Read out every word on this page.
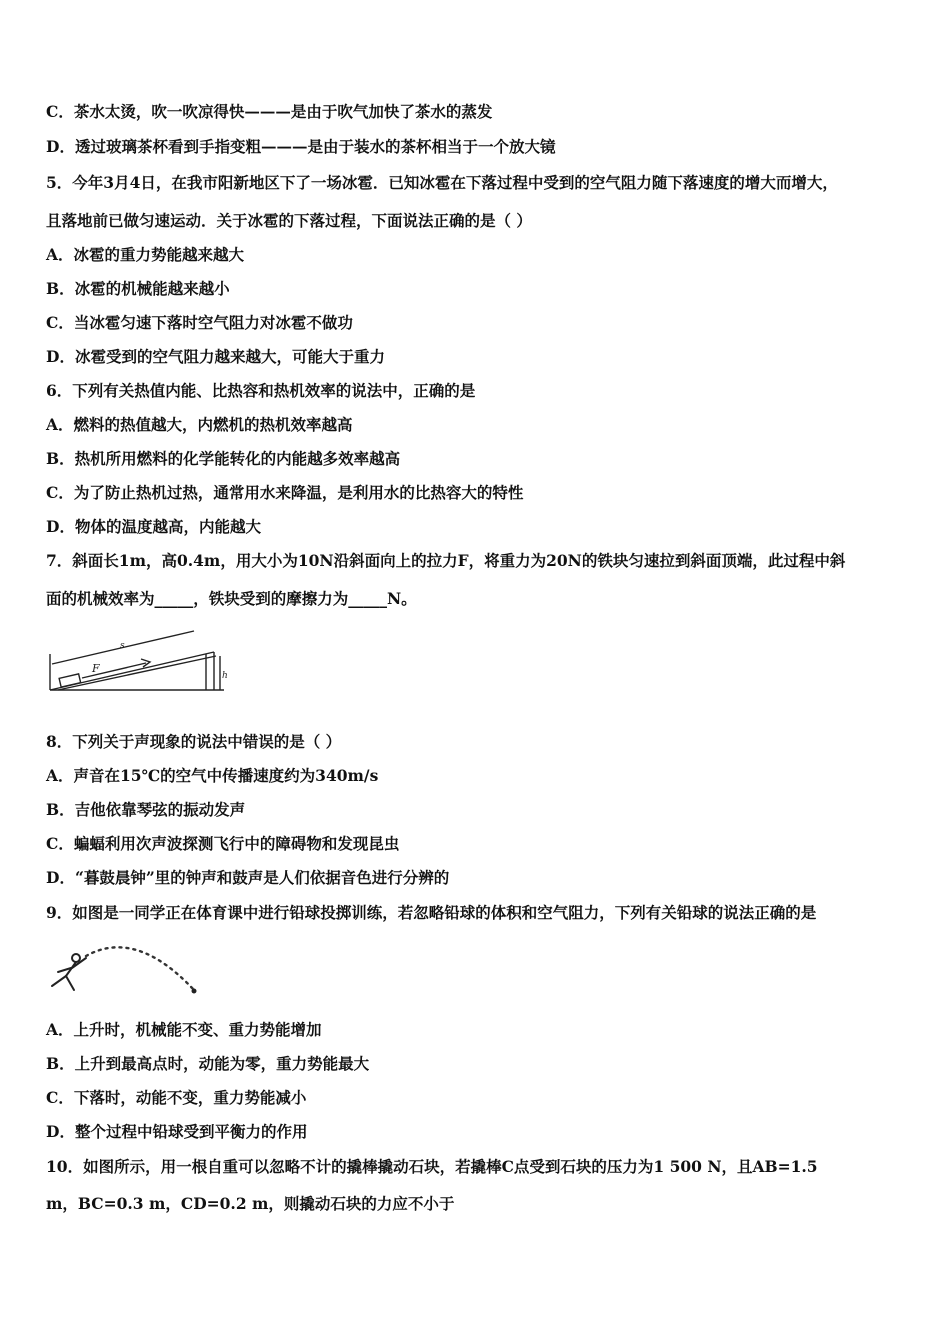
C．茶水太烫，吹一吹凉得快———是由于吹气加快了茶水的蒸发
D．透过玻璃茶杯看到手指变粗———是由于装水的茶杯相当于一个放大镜
5．今年3月4日，在我市阳新地区下了一场冰雹．已知冰雹在下落过程中受到的空气阻力随下落速度的增大而增大，
且落地前已做匀速运动．关于冰雹的下落过程，下面说法正确的是（ ）
A．冰雹的重力势能越来越大
B．冰雹的机械能越来越小
C．当冰雹匀速下落时空气阻力对冰雹不做功
D．冰雹受到的空气阻力越来越大，可能大于重力
6．下列有关热值内能、比热容和热机效率的说法中，正确的是
A．燃料的热值越大，内燃机的热机效率越高
B．热机所用燃料的化学能转化的内能越多效率越高
C．为了防止热机过热，通常用水来降温，是利用水的比热容大的特性
D．物体的温度越高，内能越大
7．斜面长1m，高0.4m，用大小为10N沿斜面向上的拉力F，将重力为20N的铁块匀速拉到斜面顶端，此过程中斜
面的机械效率为_____，铁块受到的摩擦力为_____N。
s
F
h
8．下列关于声现象的说法中错误的是（ ）
A．声音在15℃的空气中传播速度约为340m/s
B．吉他依靠琴弦的振动发声
C．蝙蝠利用次声波探测飞行中的障碍物和发现昆虫
D．“暮鼓晨钟”里的钟声和鼓声是人们依据音色进行分辨的
9．如图是一同学正在体育课中进行铅球投掷训练，若忽略铅球的体积和空气阻力，下列有关铅球的说法正确的是
A．上升时，机械能不变、重力势能增加
B．上升到最高点时，动能为零，重力势能最大
C．下落时，动能不变，重力势能减小
D．整个过程中铅球受到平衡力的作用
10．如图所示，用一根自重可以忽略不计的撬棒撬动石块，若撬棒C点受到石块的压力为1 500 N，且AB=1.5
m，BC=0.3 m，CD=0.2 m，则撬动石块的力应不小于
